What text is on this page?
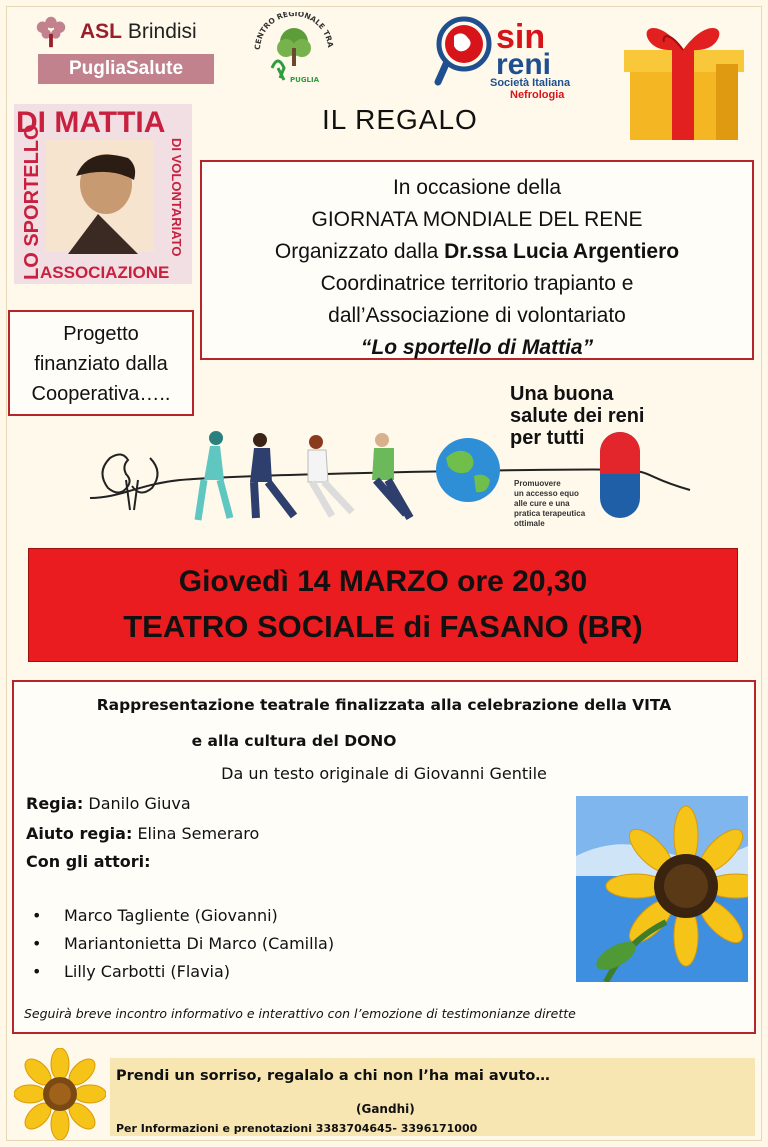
ASL Brindisi
PugliaSalute
CENTRO REGIONALE TRA
PUGLIA
sin
reni
Società Italiana
Nefrologia
DI MATTIA
LO SPORTELLO
ASSOCIAZIONE
DI VOLONTARIATO
IL REGALO
In occasione della
GIORNATA MONDIALE DEL RENE
Organizzato dalla Dr.ssa Lucia Argentiero
Coordinatrice territorio trapianto e
dall’Associazione di volontariato
“Lo sportello di Mattia”
Progetto
finanziato dalla
Cooperativa…..	Una buona
salute dei reni
per tutti
Promuovere
un accesso equo
alle cure e una
pratica terapeutica
ottimale
Giovedì 14 MARZO ore 20,30
TEATRO SOCIALE di FASANO (BR)
Rappresentazione teatrale finalizzata alla celebrazione della VITA
e alla cultura del DONO
Da un testo originale di Giovanni Gentile
Regia: Danilo Giuva
Aiuto regia: Elina Semeraro
Con gli attori:
• Marco Tagliente (Giovanni)
• Mariantonietta Di Marco (Camilla)
• Lilly Carbotti (Flavia)
Seguirà breve incontro informativo e interattivo con l’emozione di testimonianze dirette
Prendi un sorriso, regalalo a chi non l’ha mai avuto…
(Gandhi)
Per Informazioni e prenotazioni 3383704645- 3396171000
